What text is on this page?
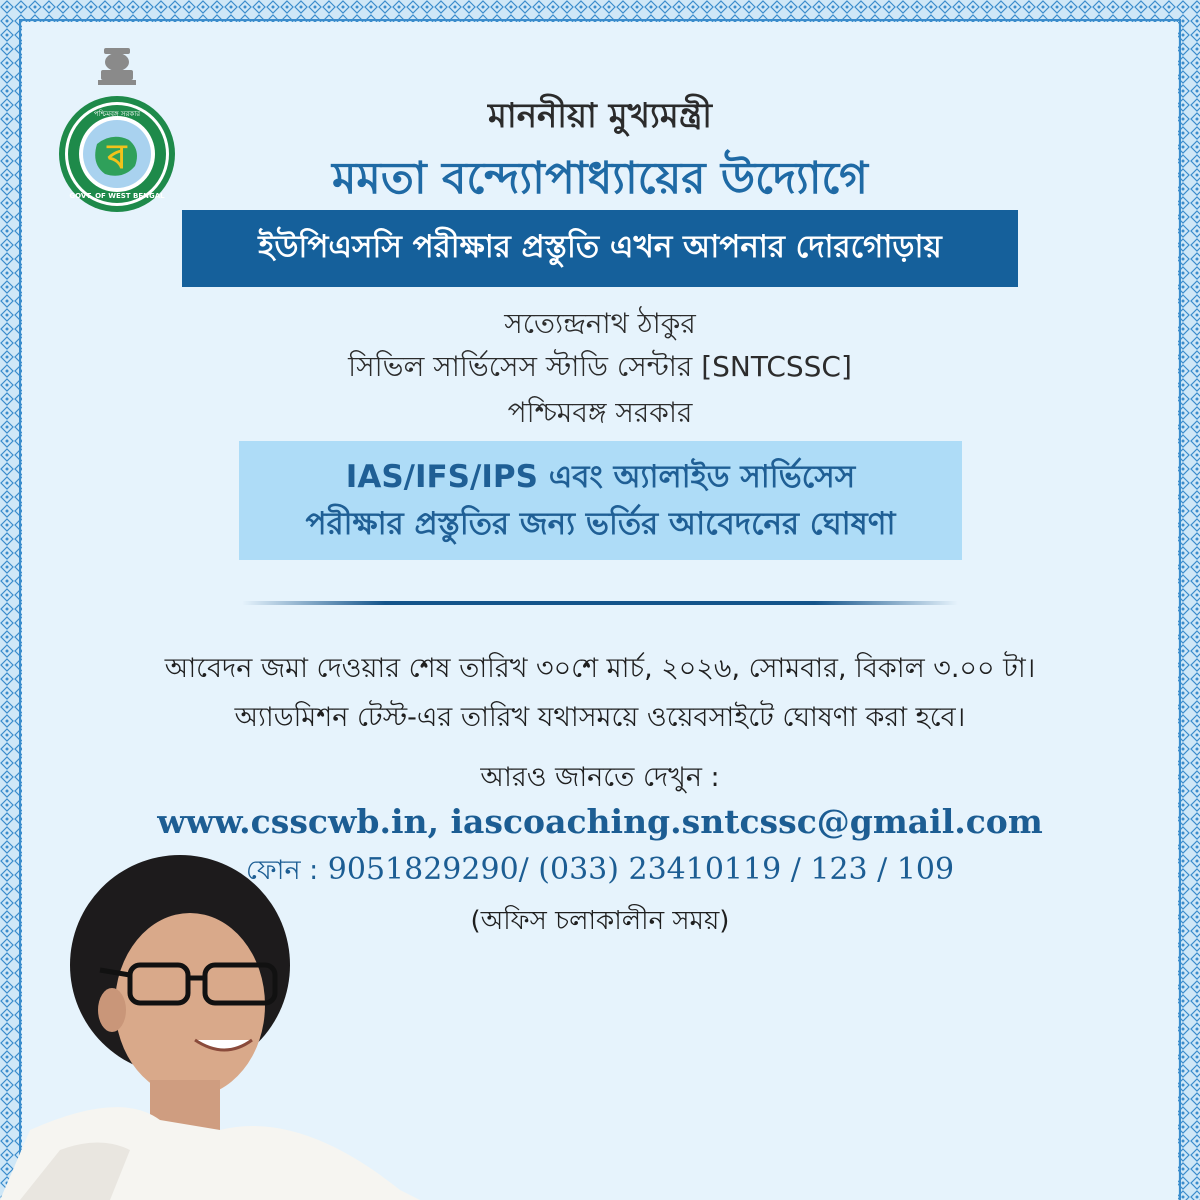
ব
পশ্চিমবঙ্গ সরকার
GOVT. OF WEST BENGAL
মাননীয়া মুখ্যমন্ত্রী
মমতা বন্দ্যোপাধ্যায়ের উদ্যোগে
ইউপিএসসি পরীক্ষার প্রস্তুতি এখন আপনার দোরগোড়ায়
সত্যেন্দ্রনাথ ঠাকুর
সিভিল সার্ভিসেস স্টাডি সেন্টার [SNTCSSC]
পশ্চিমবঙ্গ সরকার
IAS/IFS/IPS এবং অ্যালাইড সার্ভিসেস
পরীক্ষার প্রস্তুতির জন্য ভর্তির আবেদনের ঘোষণা
আবেদন জমা দেওয়ার শেষ তারিখ ৩০শে মার্চ, ২০২৬, সোমবার, বিকাল ৩.০০ টা।
অ্যাডমিশন টেস্ট-এর তারিখ যথাসময়ে ওয়েবসাইটে ঘোষণা করা হবে।
আরও জানতে দেখুন :
www.csscwb.in, iascoaching.sntcssc@gmail.com
ফোন : 9051829290/ (033) 23410119 / 123 / 109
(অফিস চলাকালীন সময়)
